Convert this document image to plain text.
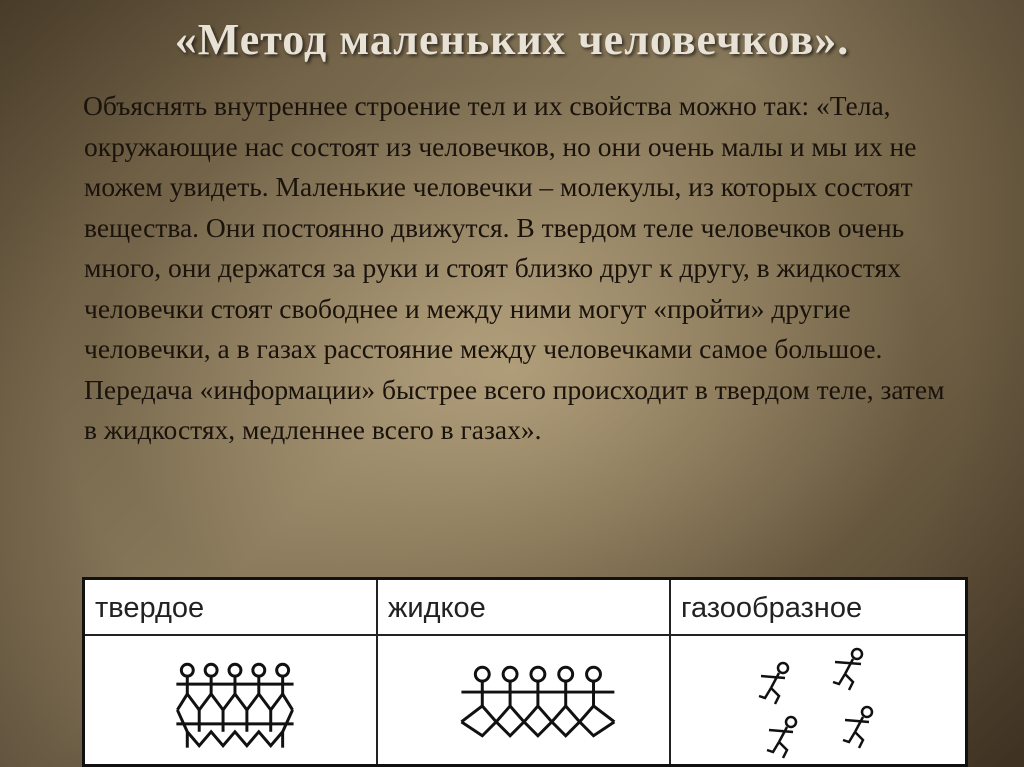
«Метод маленьких человечков».
Объяснять внутреннее строение тел и их свойства можно так: «Тела, окружающие нас состоят из человечков, но они очень малы и мы их не можем увидеть. Маленькие человечки – молекулы, из которых состоят вещества. Они постоянно движутся. В твердом теле человечков очень много, они держатся за руки и стоят близко друг к другу, в жидкостях человечки стоят свободнее и между ними могут «пройти» другие человечки, а в газах расстояние между человечками самое большое. Передача «информации» быстрее всего происходит в твердом теле, затем в жидкостях, медленнее всего в газах».
твердое	жидкое	газообразное
